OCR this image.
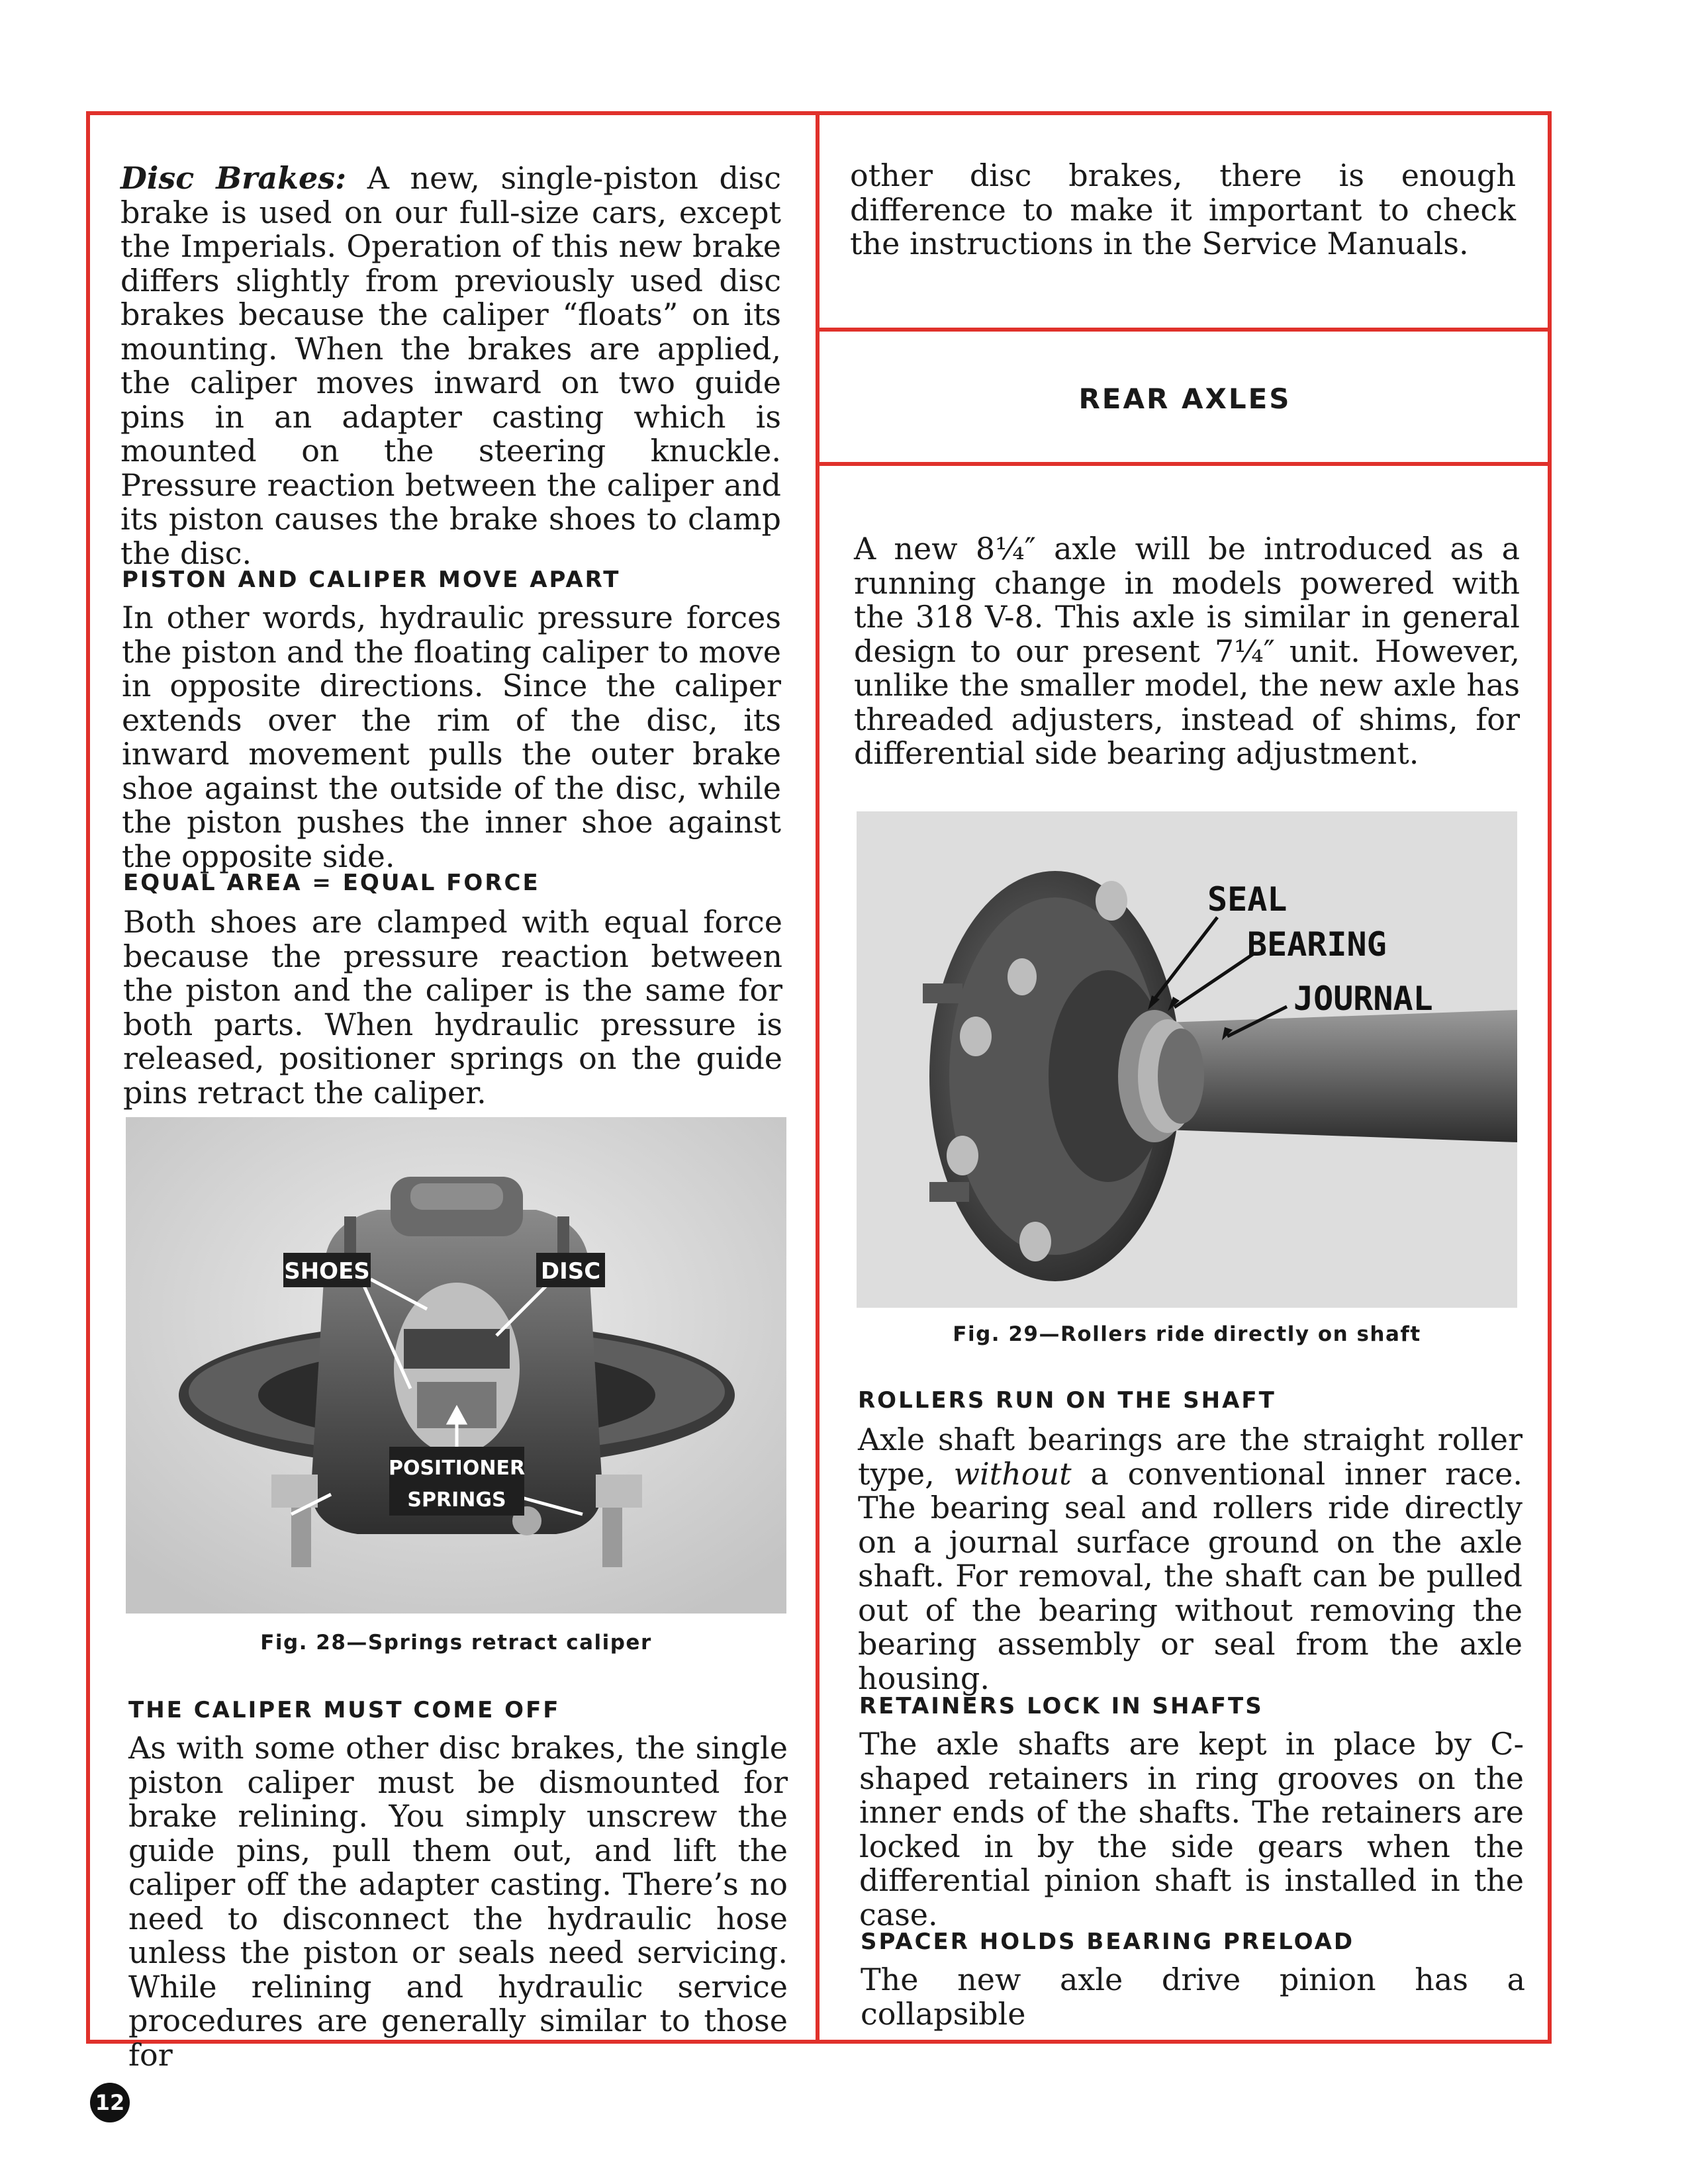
Disc Brakes: A new, single-piston disc brake is used on our full-size cars, except the Imperials. Operation of this new brake differs slightly from previously used disc brakes because the caliper “floats” on its mounting. When the brakes are applied, the caliper moves inward on two guide pins in an adapter casting which is mounted on the steering knuckle. Pressure reaction between the caliper and its piston causes the brake shoes to clamp the disc.

PISTON AND CALIPER MOVE APART

In other words, hydraulic pressure forces the piston and the floating caliper to move in opposite directions. Since the caliper extends over the rim of the disc, its inward movement pulls the outer brake shoe against the outside of the disc, while the piston pushes the inner shoe against the opposite side.

EQUAL AREA = EQUAL FORCE

Both shoes are clamped with equal force because the pressure reaction between the piston and the caliper is the same for both parts. When hydraulic pressure is released, positioner springs on the guide pins retract the caliper.

SHOES	DISC
POSITIONER
SPRINGS
Fig. 28—Springs retract caliper
THE CALIPER MUST COME OFF

As with some other disc brakes, the single piston caliper must be dismounted for brake relining. You simply unscrew the guide pins, pull them out, and lift the caliper off the adapter casting. There’s no need to disconnect the hydraulic hose unless the piston or seals need servicing. While relining and hydraulic service procedures are generally similar to those for

other disc brakes, there is enough difference to make it important to check the instructions in the Service Manuals.

REAR AXLES

A new 8¼″ axle will be introduced as a running change in models powered with the 318 V-8. This axle is similar in general design to our present 7¼″ unit. However, unlike the smaller model, the new axle has threaded adjusters, instead of shims, for differential side bearing adjustment.

SEAL
BEARING
JOURNAL
Fig. 29—Rollers ride directly on shaft
ROLLERS RUN ON THE SHAFT

Axle shaft bearings are the straight roller type, without a conventional inner race. The bearing seal and rollers ride directly on a journal surface ground on the axle shaft. For removal, the shaft can be pulled out of the bearing without removing the bearing assembly or seal from the axle housing.

RETAINERS LOCK IN SHAFTS

The axle shafts are kept in place by C-shaped retainers in ring grooves on the inner ends of the shafts. The retainers are locked in by the side gears when the differential pinion shaft is installed in the case.

SPACER HOLDS BEARING PRELOAD

The new axle drive pinion has a collapsible

12
